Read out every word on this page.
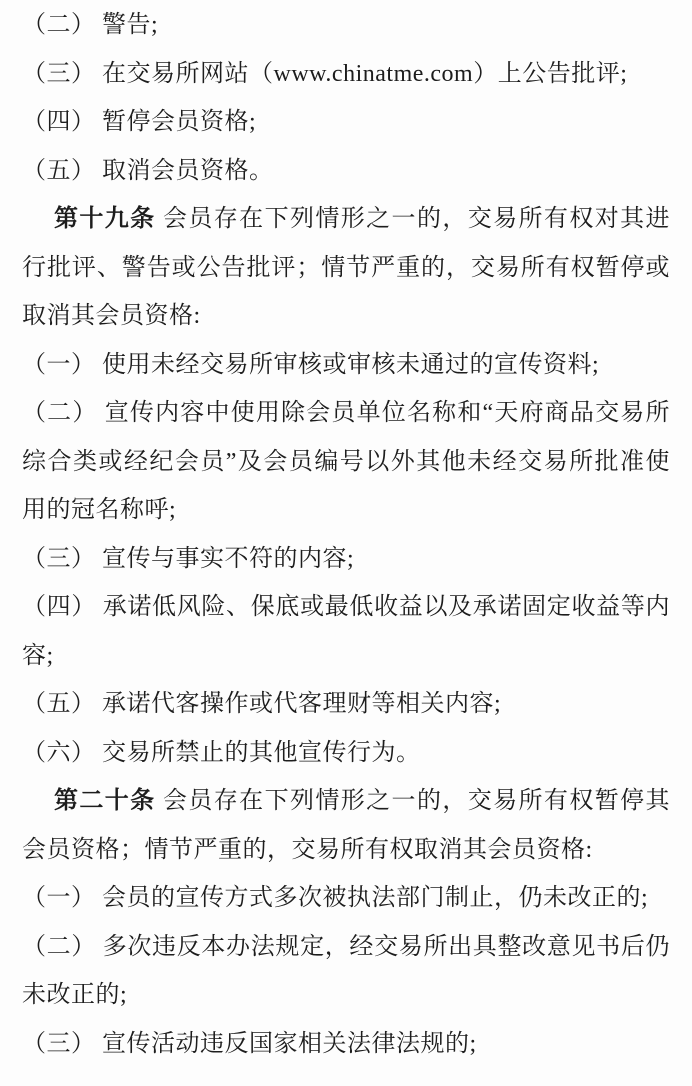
（二） 警告;

（三） 在交易所网站（www.chinatme.com）上公告批评;

（四） 暂停会员资格;

（五） 取消会员资格。

第十九条 会员存在下列情形之一的，交易所有权对其进行批评、警告或公告批评；情节严重的，交易所有权暂停或取消其会员资格:

（一） 使用未经交易所审核或审核未通过的宣传资料;

（二） 宣传内容中使用除会员单位名称和“天府商品交易所综合类或经纪会员”及会员编号以外其他未经交易所批准使用的冠名称呼;

（三） 宣传与事实不符的内容;

（四） 承诺低风险、保底或最低收益以及承诺固定收益等内容;

（五） 承诺代客操作或代客理财等相关内容;

（六） 交易所禁止的其他宣传行为。

第二十条 会员存在下列情形之一的，交易所有权暂停其会员资格；情节严重的，交易所有权取消其会员资格:

（一） 会员的宣传方式多次被执法部门制止，仍未改正的;

（二） 多次违反本办法规定，经交易所出具整改意见书后仍未改正的;

（三） 宣传活动违反国家相关法律法规的;
